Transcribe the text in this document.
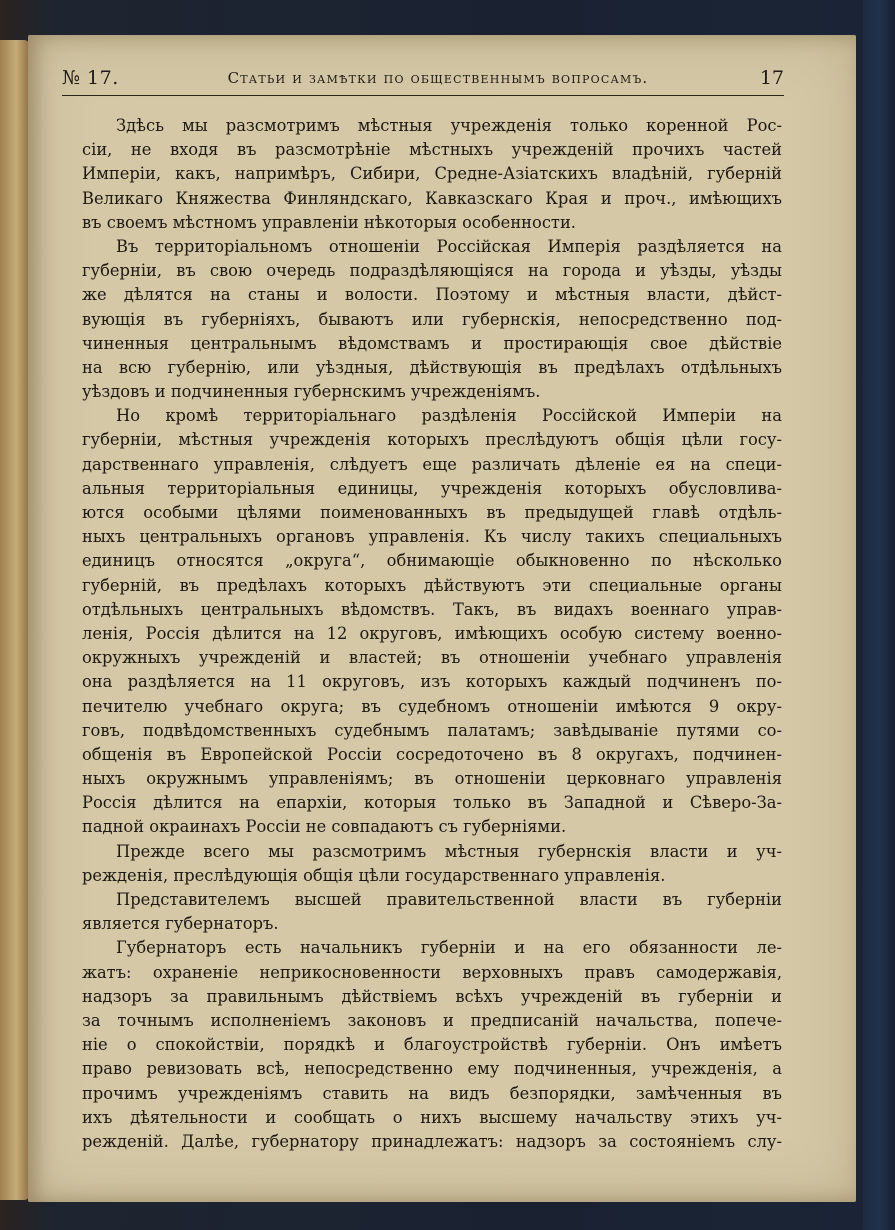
№ 17.	Статьи и замѣтки по общественнымъ вопросамъ.	17
Здѣсь мы разсмотримъ мѣстныя учрежденія только коренной Рос-
сіи, не входя въ разсмотрѣніе мѣстныхъ учрежденій прочихъ частей
Имперіи, какъ, напримѣръ, Сибири, Средне-Азіатскихъ владѣній, губерній
Великаго Княжества Финляндскаго, Кавказскаго Края и проч., имѣющихъ
въ своемъ мѣстномъ управленіи нѣкоторыя особенности.
Въ территоріальномъ отношеніи Россійская Имперія раздѣляется на
губерніи, въ свою очередь подраздѣляющіяся на города и уѣзды, уѣзды
же дѣлятся на станы и волости. Поэтому и мѣстныя власти, дѣйст-
вующія въ губерніяхъ, бываютъ или губернскія, непосредственно под-
чиненныя центральнымъ вѣдомствамъ и простирающія свое дѣйствіе
на всю губернію, или уѣздныя, дѣйствующія въ предѣлахъ отдѣльныхъ
уѣздовъ и подчиненныя губернскимъ учрежденіямъ.
Но кромѣ территоріальнаго раздѣленія Россійской Имперіи на
губерніи, мѣстныя учрежденія которыхъ преслѣдуютъ общія цѣли госу-
дарственнаго управленія, слѣдуетъ еще различать дѣленіе ея на специ-
альныя территоріальныя единицы, учрежденія которыхъ обусловлива-
ются особыми цѣлями поименованныхъ въ предыдущей главѣ отдѣль-
ныхъ центральныхъ органовъ управленія. Къ числу такихъ специальныхъ
единицъ относятся „округа“, обнимающіе обыкновенно по нѣсколько
губерній, въ предѣлахъ которыхъ дѣйствуютъ эти специальные органы
отдѣльныхъ центральныхъ вѣдомствъ. Такъ, въ видахъ военнаго управ-
ленія, Россія дѣлится на 12 округовъ, имѣющихъ особую систему военно-
окружныхъ учрежденій и властей; въ отношеніи учебнаго управленія
она раздѣляется на 11 округовъ, изъ которыхъ каждый подчиненъ по-
печителю учебнаго округа; въ судебномъ отношеніи имѣются 9 окру-
говъ, подвѣдомственныхъ судебнымъ палатамъ; завѣдываніе путями со-
общенія въ Европейской Россіи сосредоточено въ 8 округахъ, подчинен-
ныхъ окружнымъ управленіямъ; въ отношеніи церковнаго управленія
Россія дѣлится на епархіи, которыя только въ Западной и Сѣверо-За-
падной окраинахъ Россіи не совпадаютъ съ губерніями.
Прежде всего мы разсмотримъ мѣстныя губернскія власти и уч-
режденія, преслѣдующія общія цѣли государственнаго управленія.
Представителемъ высшей правительственной власти въ губерніи
является губернаторъ.
Губернаторъ есть начальникъ губерніи и на его обязанности ле-
жатъ: охраненіе неприкосновенности верховныхъ правъ самодержавія,
надзоръ за правильнымъ дѣйствіемъ всѣхъ учрежденій въ губерніи и
за точнымъ исполненіемъ законовъ и предписаній начальства, попече-
ніе о спокойствіи, порядкѣ и благоустройствѣ губерніи. Онъ имѣетъ
право ревизовать всѣ, непосредственно ему подчиненныя, учрежденія, а
прочимъ учрежденіямъ ставить на видъ безпорядки, замѣченныя въ
ихъ дѣятельности и сообщать о нихъ высшему начальству этихъ уч-
режденій. Далѣе, губернатору принадлежатъ: надзоръ за состояніемъ слу-
